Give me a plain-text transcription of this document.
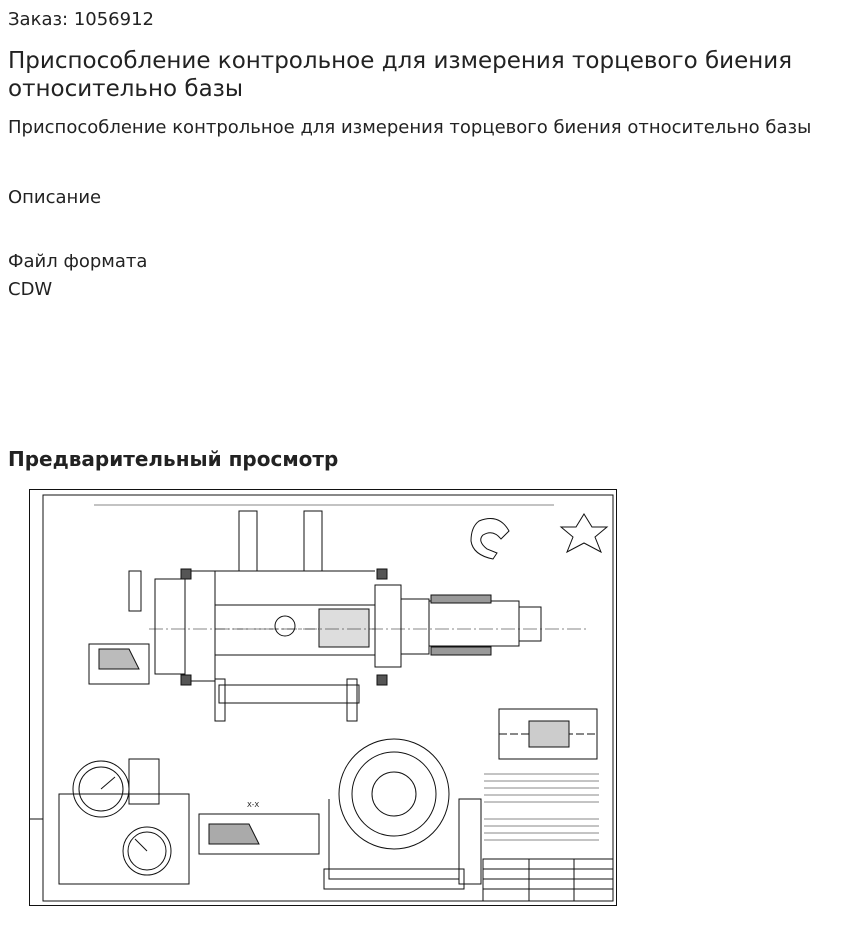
Заказ: 1056912
Приспособление контрольное для измерения торцевого биения относительно базы
Приспособление контрольное для измерения торцевого биения относительно базы
Описание
Файл формата
CDW
Предварительный просмотр
Х-Х
